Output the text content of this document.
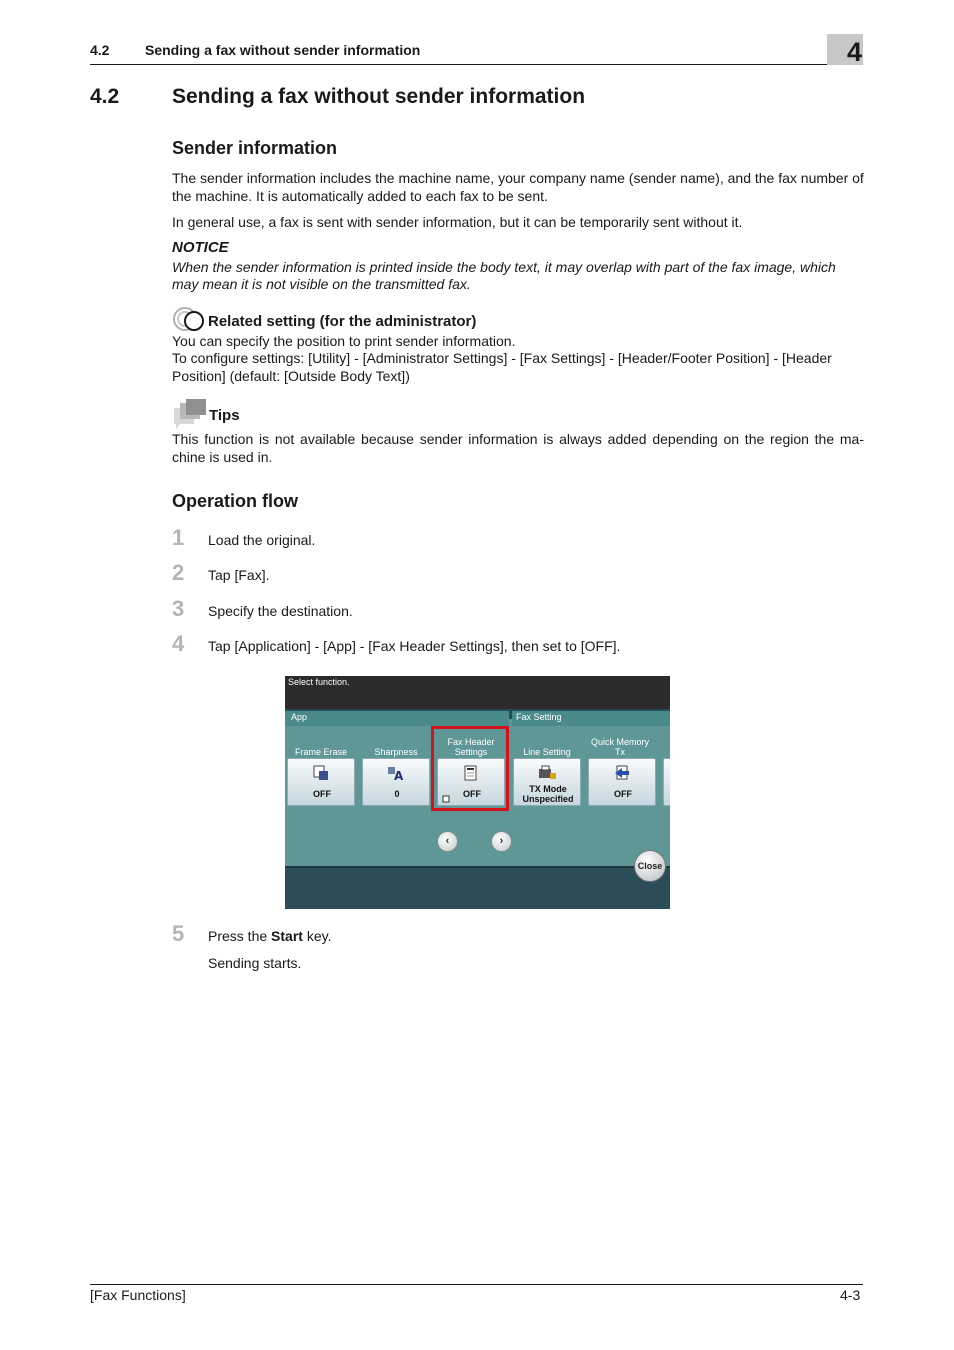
4.2	Sending a fax without sender information	4
4.2	Sending a fax without sender information
Sender information
The sender information includes the machine name, your company name (sender name), and the fax number of the machine. It is automatically added to each fax to be sent.
In general use, a fax is sent with sender information, but it can be temporarily sent without it.
NOTICE
When the sender information is printed inside the body text, it may overlap with part of the fax image, which may mean it is not visible on the transmitted fax.
Related setting (for the administrator)
You can specify the position to print sender information.
To configure settings: [Utility] - [Administrator Settings] - [Fax Settings] - [Header/Footer Position] - [Header Position] (default: [Outside Body Text])
Tips
This function is not available because sender information is always added depending on the region the ma-chine is used in.
Operation flow
1 Load the original.
2 Tap [Fax].
3 Specify the destination.
4 Tap [Application] - [App] - [Fax Header Settings], then set to [OFF].
Select function.
App	Fax Setting
Frame Erase	Sharpness
Fax Header Settings	Line Setting
Quick Memory Tx
OFF
A
0	OFF	TX Mode Unspecified	OFF
‹	›
Close
5 Press the Start key.
Sending starts.
[Fax Functions]	4-3
